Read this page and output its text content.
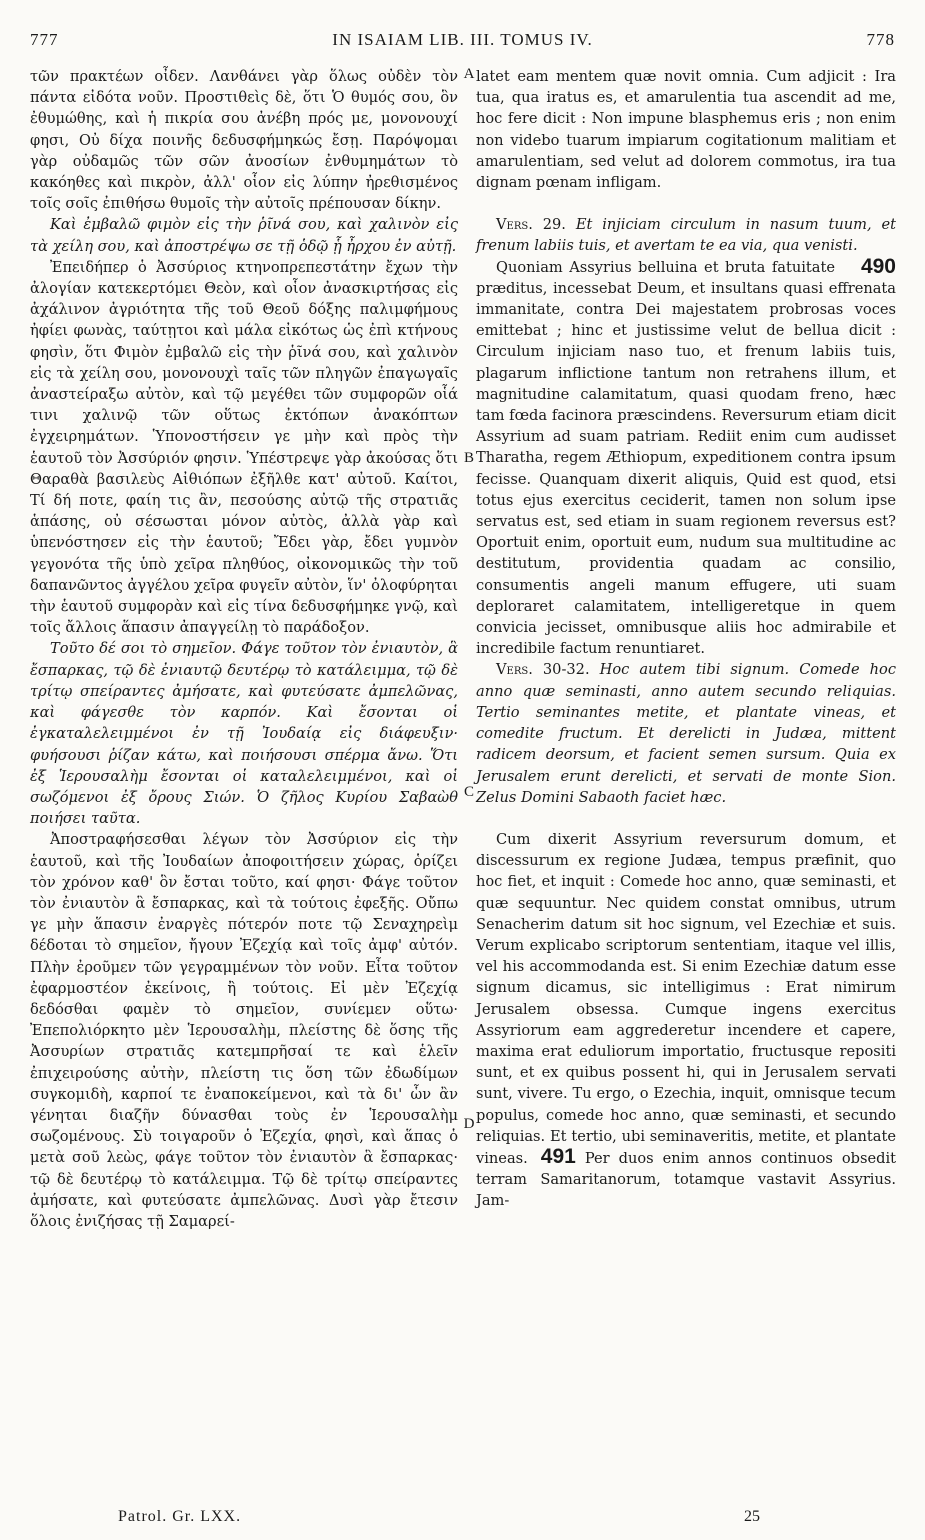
777	IN ISAIAM LIB. III. TOMUS IV.	778

τῶν πρακτέων οἶδεν. Λανθάνει γὰρ ὅλως οὐδὲν τὸν πάντα εἰδότα νοῦν. Προστιθεὶς δὲ, ὅτι Ὁ θυμός σου, ὃν ἐθυμώθης, καὶ ἡ πικρία σου ἀνέβη πρός με, μονονουχί φησι, Οὐ δίχα ποινῆς δεδυσφήμηκώς ἔσῃ. Παρόψομαι γὰρ οὐδαμῶς τῶν σῶν ἀνοσίων ἐνθυμημάτων τὸ κακόηθες καὶ πικρὸν, ἀλλ' οἷον εἰς λύπην ἠρεθισμένος τοῖς σοῖς ἐπιθήσω θυμοῖς τὴν αὐτοῖς πρέπουσαν δίκην.

Καὶ ἐμβαλῶ φιμὸν εἰς τὴν ῥῖνά σου, καὶ χαλινὸν εἰς τὰ χείλη σου, καὶ ἀποστρέψω σε τῇ ὁδῷ ᾗ ἦρχου ἐν αὐτῇ.

Ἐπειδήπερ ὁ Ἀσσύριος κτηνοπρεπεστάτην ἔχων τὴν ἀλογίαν κατεκερτόμει Θεὸν, καὶ οἷον ἀνασκιρτήσας εἰς ἀχάλινον ἀγριότητα τῆς τοῦ Θεοῦ δόξης παλιμφήμους ἠφίει φωνὰς, ταύτῃτοι καὶ μάλα εἰκότως ὡς ἐπὶ κτήνους φησὶν, ὅτι Φιμὸν ἐμβαλῶ εἰς τὴν ῥῖνά σου, καὶ χαλινὸν εἰς τὰ χείλη σου, μονονουχὶ ταῖς τῶν πληγῶν ἐπαγωγαῖς ἀναστείραξω αὐτὸν, καὶ τῷ μεγέθει τῶν συμφορῶν οἷά τινι χαλινῷ τῶν οὕτως ἐκτόπων ἀνακόπτων ἐγχειρημάτων. Ὑπονοστήσειν γε μὴν καὶ πρὸς τὴν ἑαυτοῦ τὸν Ἀσσύριόν φησιν. Ὑπέστρεψε γὰρ ἀκούσας ὅτι Θαραθὰ βασιλεὺς Αἰθιόπων ἐξῆλθε κατ' αὐτοῦ. Καίτοι, Τί δή ποτε, φαίη τις ἂν, πεσούσης αὐτῷ τῆς στρατιᾶς ἁπάσης, οὐ σέσωσται μόνον αὐτὸς, ἀλλὰ γὰρ καὶ ὑπενόστησεν εἰς τὴν ἑαυτοῦ; Ἔδει γὰρ, ἔδει γυμνὸν γεγονότα τῆς ὑπὸ χεῖρα πληθύος, οἰκονομικῶς τὴν τοῦ δαπανῶντος ἀγγέλου χεῖρα φυγεῖν αὐτὸν, ἵν' ὀλοφύρηται τὴν ἑαυτοῦ συμφορὰν καὶ εἰς τίνα δεδυσφήμηκε γνῷ, καὶ τοῖς ἄλλοις ἅπασιν ἀπαγγείλῃ τὸ παράδοξον.

Τοῦτο δέ σοι τὸ σημεῖον. Φάγε τοῦτον τὸν ἐνιαυτὸν, ἃ ἔσπαρκας, τῷ δὲ ἐνιαυτῷ δευτέρῳ τὸ κατάλειμμα, τῷ δὲ τρίτῳ σπείραντες ἀμήσατε, καὶ φυτεύσατε ἀμπελῶνας, καὶ φάγεσθε τὸν καρπόν. Καὶ ἔσονται οἱ ἐγκαταλελειμμένοι ἐν τῇ Ἰουδαίᾳ εἰς διάφευξιν· φυήσουσι ῥίζαν κάτω, καὶ ποιήσουσι σπέρμα ἄνω. Ὅτι ἐξ Ἱερουσαλὴμ ἔσονται οἱ καταλελειμμένοι, καὶ οἱ σωζόμενοι ἐξ ὄρους Σιών. Ὁ ζῆλος Κυρίου Σαβαὼθ ποιήσει ταῦτα.

Ἀποστραφήσεσθαι λέγων τὸν Ἀσσύριον εἰς τὴν ἑαυτοῦ, καὶ τῆς Ἰουδαίων ἀποφοιτήσειν χώρας, ὁρίζει τὸν χρόνον καθ' ὃν ἔσται τοῦτο, καί φησι· Φάγε τοῦτον τὸν ἐνιαυτὸν ἃ ἔσπαρκας, καὶ τὰ τούτοις ἐφεξῆς. Οὔπω γε μὴν ἅπασιν ἐναργὲς πότερόν ποτε τῷ Σεναχηρεὶμ δέδοται τὸ σημεῖον, ἤγουν Ἐζεχίᾳ καὶ τοῖς ἀμφ' αὐτόν. Πλὴν ἐροῦμεν τῶν γεγραμμένων τὸν νοῦν. Εἶτα τοῦτον ἐφαρμοστέον ἐκείνοις, ἢ τούτοις. Εἰ μὲν Ἐζεχίᾳ δεδόσθαι φαμὲν τὸ σημεῖον, συνίεμεν οὕτω· Ἐπεπολιόρκητο μὲν Ἱερουσαλὴμ, πλείστης δὲ ὅσης τῆς Ἀσσυρίων στρατιᾶς κατεμπρῆσαί τε καὶ ἑλεῖν ἐπιχειρούσης αὐτὴν, πλείστη τις ὅση τῶν ἐδωδίμων συγκομιδὴ, καρποί τε ἐναποκείμενοι, καὶ τὰ δι' ὧν ἂν γένηται διαζῆν δύνασθαι τοὺς ἐν Ἱερουσαλὴμ σωζομένους. Σὺ τοιγαροῦν ὁ Ἐζεχία, φησὶ, καὶ ἅπας ὁ μετὰ σοῦ λεὼς, φάγε τοῦτον τὸν ἐνιαυτὸν ἃ ἔσπαρκας· τῷ δὲ δευτέρῳ τὸ κατάλειμμα. Τῷ δὲ τρίτῳ σπείραντες ἀμήσατε, καὶ φυτεύσατε ἀμπελῶνας. Δυσὶ γὰρ ἔτεσιν ὅλοις ἐνιζήσας τῇ Σαμαρεί-

A
B
C
D

latet eam mentem quæ novit omnia. Cum adjicit : Ira tua, qua iratus es, et amarulentia tua ascendit ad me, hoc fere dicit : Non impune blasphemus eris ; non enim non videbo tuarum impiarum cogitationum malitiam et amarulentiam, sed velut ad dolorem commotus, ira tua dignam pœnam infligam.

Vers. 29. Et injiciam circulum in nasum tuum, et frenum labiis tuis, et avertam te ea via, qua venisti.

490
Quoniam Assyrius belluina et bruta fatuitate præditus, incessebat Deum, et insultans quasi effrenata immanitate, contra Dei majestatem probrosas voces emittebat ; hinc et justissime velut de bellua dicit : Circulum injiciam naso tuo, et frenum labiis tuis, plagarum inflictione tantum non retrahens illum, et magnitudine calamitatum, quasi quodam freno, hæc tam fœda facinora præscindens. Reversurum etiam dicit Assyrium ad suam patriam. Rediit enim cum audisset Tharatha, regem Æthiopum, expeditionem contra ipsum fecisse. Quanquam dixerit aliquis, Quid est quod, etsi totus ejus exercitus ceciderit, tamen non solum ipse servatus est, sed etiam in suam regionem reversus est? Oportuit enim, oportuit eum, nudum sua multitudine ac destitutum, providentia quadam ac consilio, consumentis angeli manum effugere, uti suam deploraret calamitatem, intelligeretque in quem convicia jecisset, omnibusque aliis hoc admirabile et incredibile factum renuntiaret.

Vers. 30-32. Hoc autem tibi signum. Comede hoc anno quæ seminasti, anno autem secundo reliquias. Tertio seminantes metite, et plantate vineas, et comedite fructum. Et derelicti in Judæa, mittent radicem deorsum, et facient semen sursum. Quia ex Jerusalem erunt derelicti, et servati de monte Sion. Zelus Domini Sabaoth faciet hæc.

Cum dixerit Assyrium reversurum domum, et discessurum ex regione Judæa, tempus præfinit, quo hoc fiet, et inquit : Comede hoc anno, quæ seminasti, et quæ sequuntur. Nec quidem constat omnibus, utrum Senacherim datum sit hoc signum, vel Ezechiæ et suis. Verum explicabo scriptorum sententiam, itaque vel illis, vel his accommodanda est. Si enim Ezechiæ datum esse signum dicamus, sic intelligimus : Erat nimirum Jerusalem obsessa. Cumque ingens exercitus Assyriorum eam aggrederetur incendere et capere, maxima erat eduliorum importatio, fructusque repositi sunt, et ex quibus possent hi, qui in Jerusalem servati sunt, vivere. Tu ergo, o Ezechia, inquit, omnisque tecum populus, comede hoc anno, quæ seminasti, et secundo reliquias. Et tertio, ubi seminaveritis, metite, et plantate vineas. 491 Per duos enim annos continuos obsedit terram Samaritanorum, totamque vastavit Assyrius. Jam-

Patrol. Gr. LXX.	25
